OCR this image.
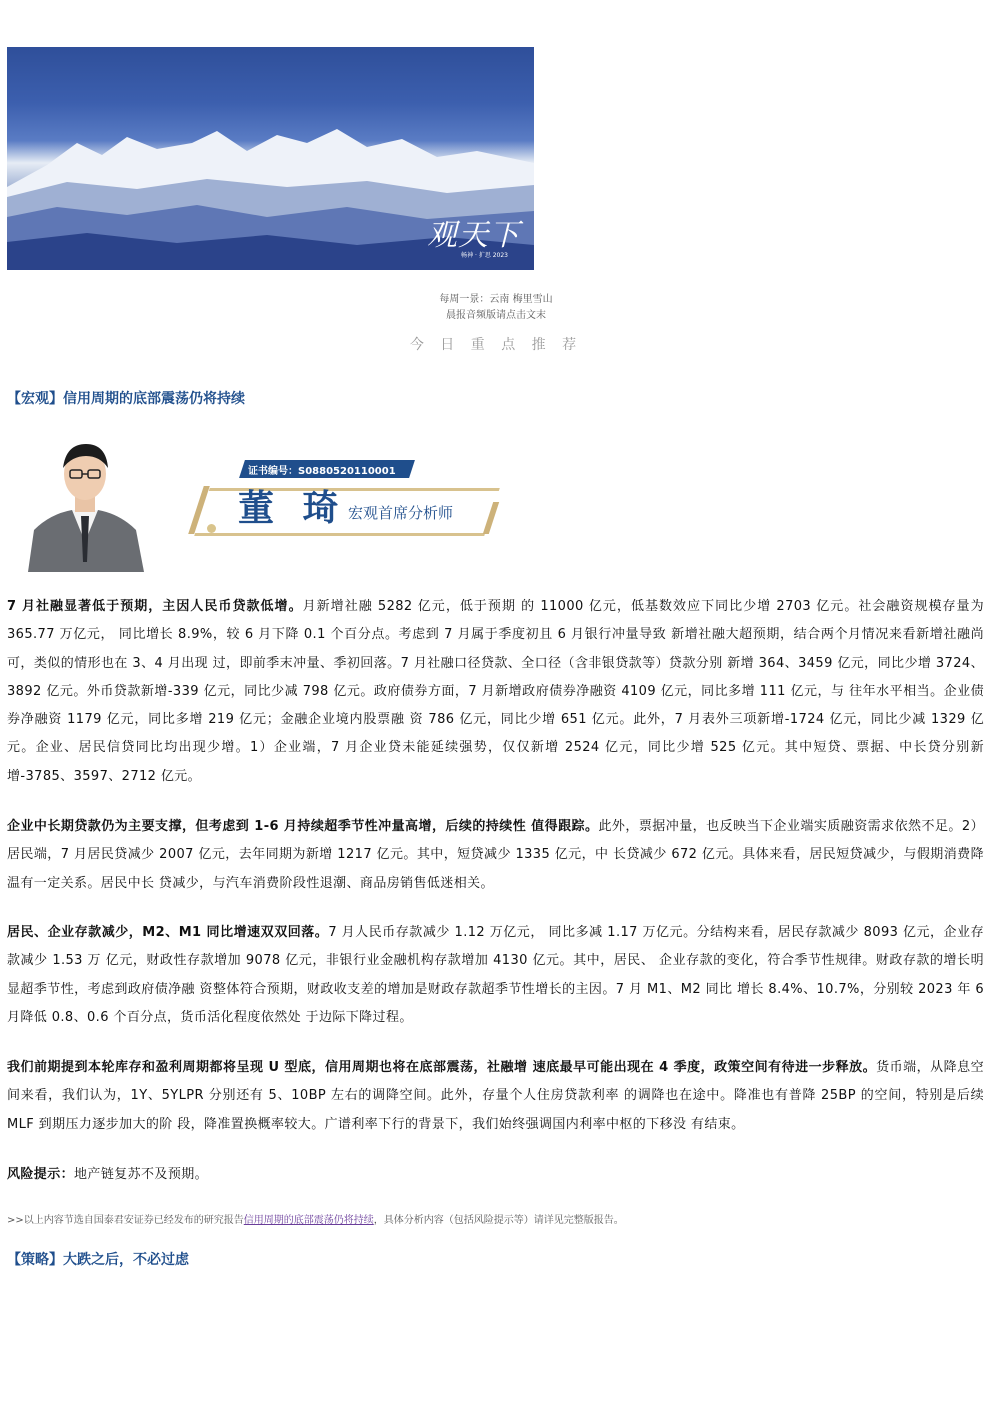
观天下
畅神 · 扩思 2023
每周一景：云南 梅里雪山
晨报音频版请点击文末
今 日 重 点 推 荐
【宏观】信用周期的底部震荡仍将持续
证书编号：S0880520110001
董 琦 宏观首席分析师
7 月社融显著低于预期，主因人民币贷款低增。月新增社融 5282 亿元，低于预期 的 11000 亿元，低基数效应下同比少增 2703 亿元。社会融资规模存量为 365.77 万亿元， 同比增长 8.9%，较 6 月下降 0.1 个百分点。考虑到 7 月属于季度初且 6 月银行冲量导致 新增社融大超预期，结合两个月情况来看新增社融尚可，类似的情形也在 3、4 月出现 过，即前季末冲量、季初回落。7 月社融口径贷款、全口径（含非银贷款等）贷款分别 新增 364、3459 亿元，同比少增 3724、3892 亿元。外币贷款新增-339 亿元，同比少减 798 亿元。政府债券方面，7 月新增政府债券净融资 4109 亿元，同比多增 111 亿元，与 往年水平相当。企业债券净融资 1179 亿元，同比多增 219 亿元；金融企业境内股票融 资 786 亿元，同比少增 651 亿元。此外，7 月表外三项新增-1724 亿元，同比少减 1329 亿元。企业、居民信贷同比均出现少增。1）企业端，7 月企业贷未能延续强势，仅仅新增 2524 亿元，同比少增 525 亿元。其中短贷、票据、中长贷分别新增-3785、3597、2712 亿元。
企业中长期贷款仍为主要支撑，但考虑到 1-6 月持续超季节性冲量高增，后续的持续性 值得跟踪。此外，票据冲量，也反映当下企业端实质融资需求依然不足。2）居民端，7 月居民贷减少 2007 亿元，去年同期为新增 1217 亿元。其中，短贷减少 1335 亿元，中 长贷减少 672 亿元。具体来看，居民短贷减少，与假期消费降温有一定关系。居民中长 贷减少，与汽车消费阶段性退潮、商品房销售低迷相关。
居民、企业存款减少，M2、M1 同比增速双双回落。7 月人民币存款减少 1.12 万亿元， 同比多减 1.17 万亿元。分结构来看，居民存款减少 8093 亿元，企业存款减少 1.53 万 亿元，财政性存款增加 9078 亿元，非银行业金融机构存款增加 4130 亿元。其中，居民、 企业存款的变化，符合季节性规律。财政存款的增长明显超季节性，考虑到政府债净融 资整体符合预期，财政收支差的增加是财政存款超季节性增长的主因。7 月 M1、M2 同比 增长 8.4%、10.7%，分别较 2023 年 6 月降低 0.8、0.6 个百分点，货币活化程度依然处 于边际下降过程。
我们前期提到本轮库存和盈利周期都将呈现 U 型底，信用周期也将在底部震荡，社融增 速底最早可能出现在 4 季度，政策空间有待进一步释放。货币端，从降息空间来看，我们认为，1Y、5YLPR 分别还有 5、10BP 左右的调降空间。此外，存量个人住房贷款利率 的调降也在途中。降准也有普降 25BP 的空间，特别是后续 MLF 到期压力逐步加大的阶 段，降准置换概率较大。广谱利率下行的背景下，我们始终强调国内利率中枢的下移没 有结束。
风险提示：地产链复苏不及预期。
>>以上内容节选自国泰君安证券已经发布的研究报告信用周期的底部震荡仍将持续，具体分析内容（包括风险提示等）请详见完整版报告。
【策略】大跌之后，不必过虑
